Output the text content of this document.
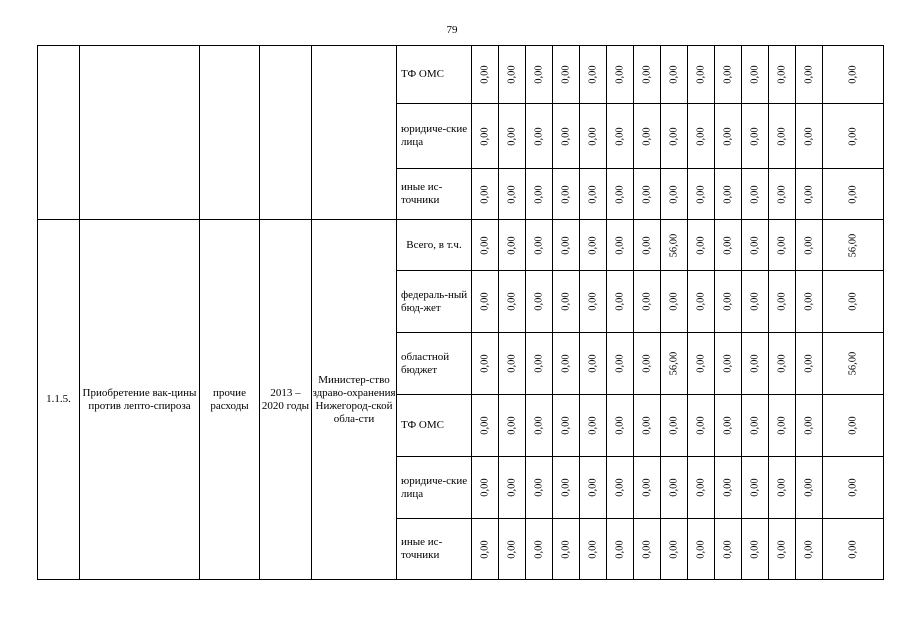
79
					ТФ ОМС	0,00	0,00	0,00	0,00	0,00	0,00	0,00	0,00	0,00	0,00	0,00	0,00	0,00	0,00
					юридиче-ские лица	0,00	0,00	0,00	0,00	0,00	0,00	0,00	0,00	0,00	0,00	0,00	0,00	0,00	0,00
					иные ис-точники	0,00	0,00	0,00	0,00	0,00	0,00	0,00	0,00	0,00	0,00	0,00	0,00	0,00	0,00
1.1.5.	Приобретение вак-цины против лепто-спироза	прочие расходы	2013 – 2020 годы	Министер-ство здраво-охранения Нижегород-ской обла-сти	Всего, в т.ч.	0,00	0,00	0,00	0,00	0,00	0,00	0,00	56,00	0,00	0,00	0,00	0,00	0,00	56,00
					федераль-ный бюд-жет	0,00	0,00	0,00	0,00	0,00	0,00	0,00	0,00	0,00	0,00	0,00	0,00	0,00	0,00
					областной бюджет	0,00	0,00	0,00	0,00	0,00	0,00	0,00	56,00	0,00	0,00	0,00	0,00	0,00	56,00
					ТФ ОМС	0,00	0,00	0,00	0,00	0,00	0,00	0,00	0,00	0,00	0,00	0,00	0,00	0,00	0,00
					юридиче-ские лица	0,00	0,00	0,00	0,00	0,00	0,00	0,00	0,00	0,00	0,00	0,00	0,00	0,00	0,00
					иные ис-точники	0,00	0,00	0,00	0,00	0,00	0,00	0,00	0,00	0,00	0,00	0,00	0,00	0,00	0,00
